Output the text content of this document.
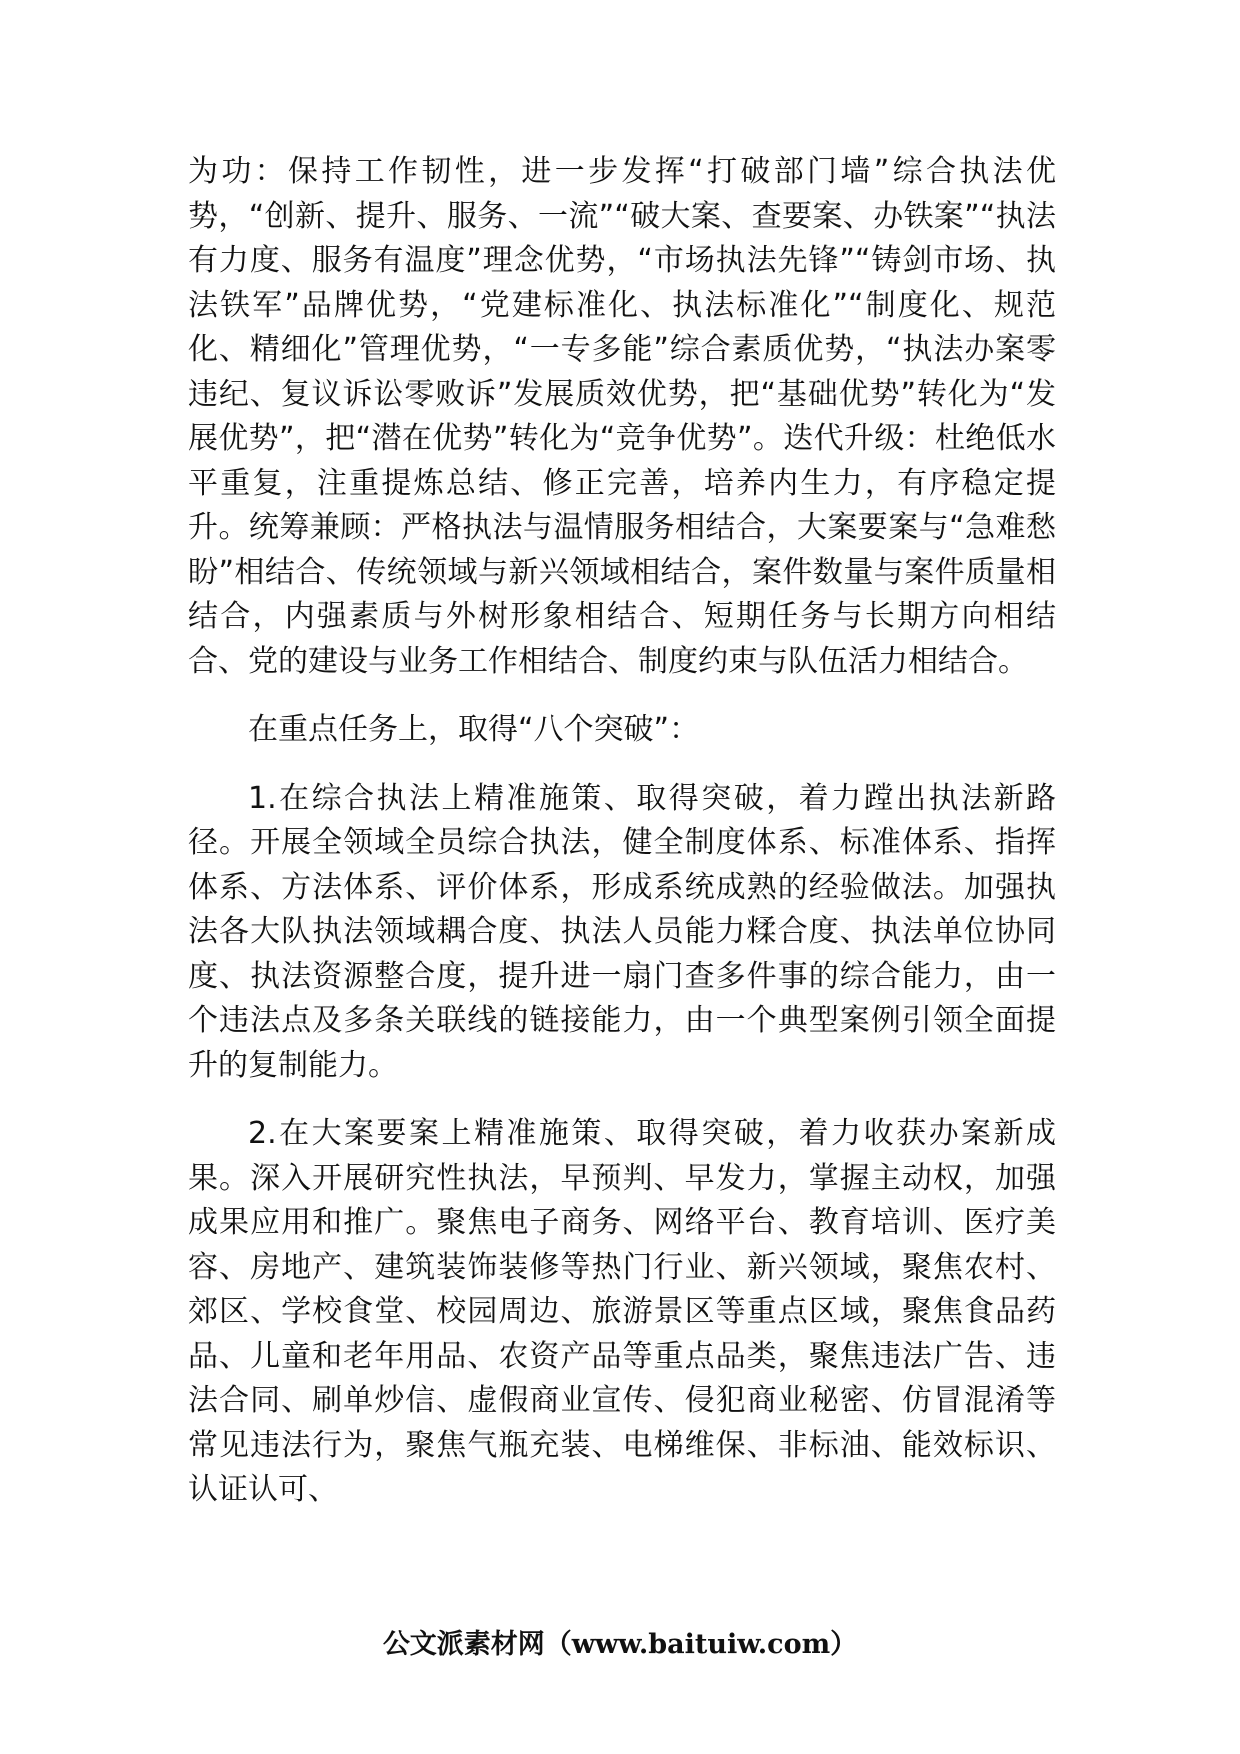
为功：保持工作韧性，进一步发挥“打破部门墙”综合执法优势，“创新、提升、服务、一流”“破大案、查要案、办铁案”“执法有力度、服务有温度”理念优势，“市场执法先锋”“铸剑市场、执法铁军”品牌优势，“党建标准化、执法标准化”“制度化、规范化、精细化”管理优势，“一专多能”综合素质优势，“执法办案零违纪、复议诉讼零败诉”发展质效优势，把“基础优势”转化为“发展优势”，把“潜在优势”转化为“竞争优势”。迭代升级：杜绝低水平重复，注重提炼总结、修正完善，培养内生力，有序稳定提升。统筹兼顾：严格执法与温情服务相结合，大案要案与“急难愁盼”相结合、传统领域与新兴领域相结合，案件数量与案件质量相结合，内强素质与外树形象相结合、短期任务与长期方向相结合、党的建设与业务工作相结合、制度约束与队伍活力相结合。

在重点任务上，取得“八个突破”：

1.在综合执法上精准施策、取得突破，着力蹚出执法新路径。开展全领域全员综合执法，健全制度体系、标准体系、指挥体系、方法体系、评价体系，形成系统成熟的经验做法。加强执法各大队执法领域耦合度、执法人员能力糅合度、执法单位协同度、执法资源整合度，提升进一扇门查多件事的综合能力，由一个违法点及多条关联线的链接能力，由一个典型案例引领全面提升的复制能力。

2.在大案要案上精准施策、取得突破，着力收获办案新成果。深入开展研究性执法，早预判、早发力，掌握主动权，加强成果应用和推广。聚焦电子商务、网络平台、教育培训、医疗美容、房地产、建筑装饰装修等热门行业、新兴领域，聚焦农村、郊区、学校食堂、校园周边、旅游景区等重点区域，聚焦食品药品、儿童和老年用品、农资产品等重点品类，聚焦违法广告、违法合同、刷单炒信、虚假商业宣传、侵犯商业秘密、仿冒混淆等常见违法行为，聚焦气瓶充装、电梯维保、非标油、能效标识、认证认可、

公文派素材网（www.baituiw.com）
